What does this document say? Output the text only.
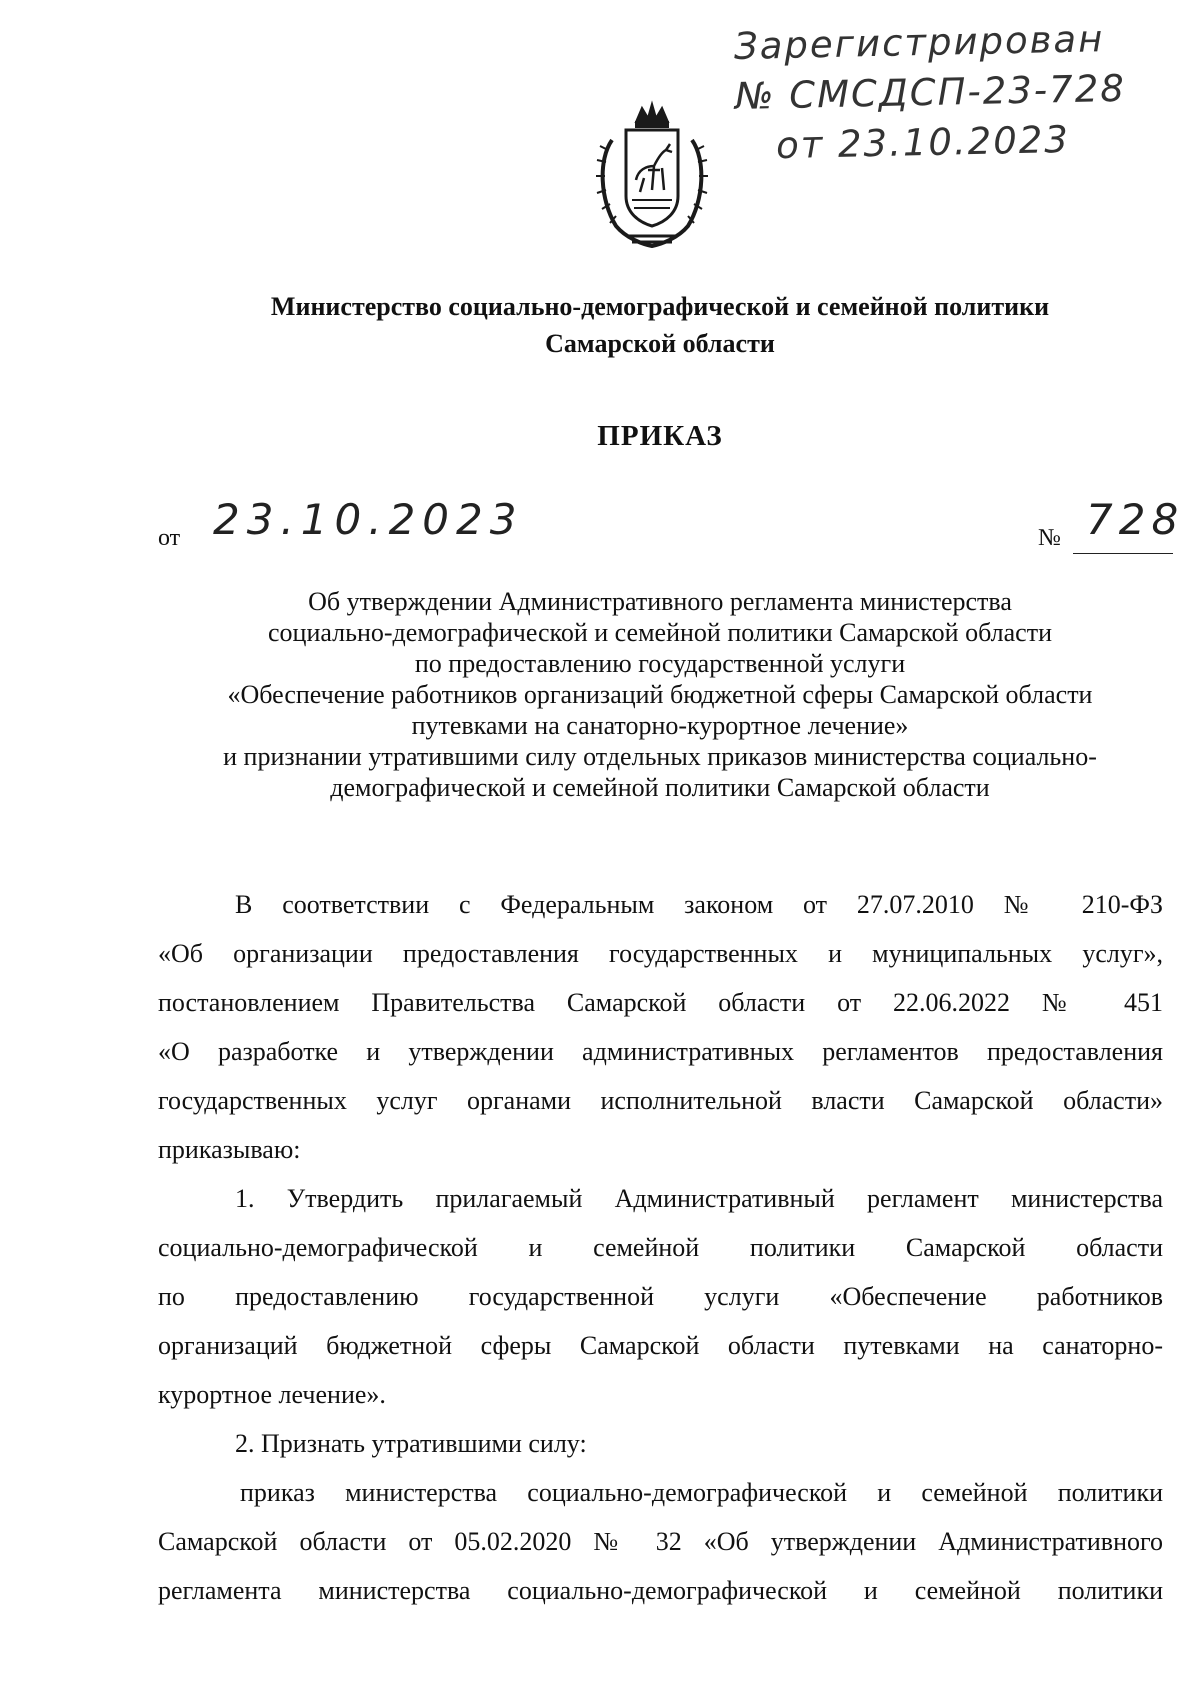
Зарегистрирован
№ СМСДСП-23-728
от 23.10.2023
Министерство социально-демографической и семейной политики
Самарской области
ПРИКАЗ
от 23.10.2023	№ 728
Об утверждении Административного регламента министерства
социально-демографической и семейной политики Самарской области
по предоставлению государственной услуги
«Обеспечение работников организаций бюджетной сферы Самарской области
путевками на санаторно-курортное лечение»
и признании утратившими силу отдельных приказов министерства социально-
демографической и семейной политики Самарской области
В соответствии с Федеральным законом от 27.07.2010 № 210-ФЗ
«Об организации предоставления государственных и муниципальных услуг»,
постановлением Правительства Самарской области от 22.06.2022 № 451
«О разработке и утверждении административных регламентов предоставления
государственных услуг органами исполнительной власти Самарской области»
приказываю:
1. Утвердить прилагаемый Административный регламент министерства
социально-демографической и семейной политики Самарской области
по предоставлению государственной услуги «Обеспечение работников
организаций бюджетной сферы Самарской области путевками на санаторно-
курортное лечение».
2. Признать утратившими силу:
приказ министерства социально-демографической и семейной политики
Самарской области от 05.02.2020 № 32 «Об утверждении Административного
регламента министерства социально-демографической и семейной политики
